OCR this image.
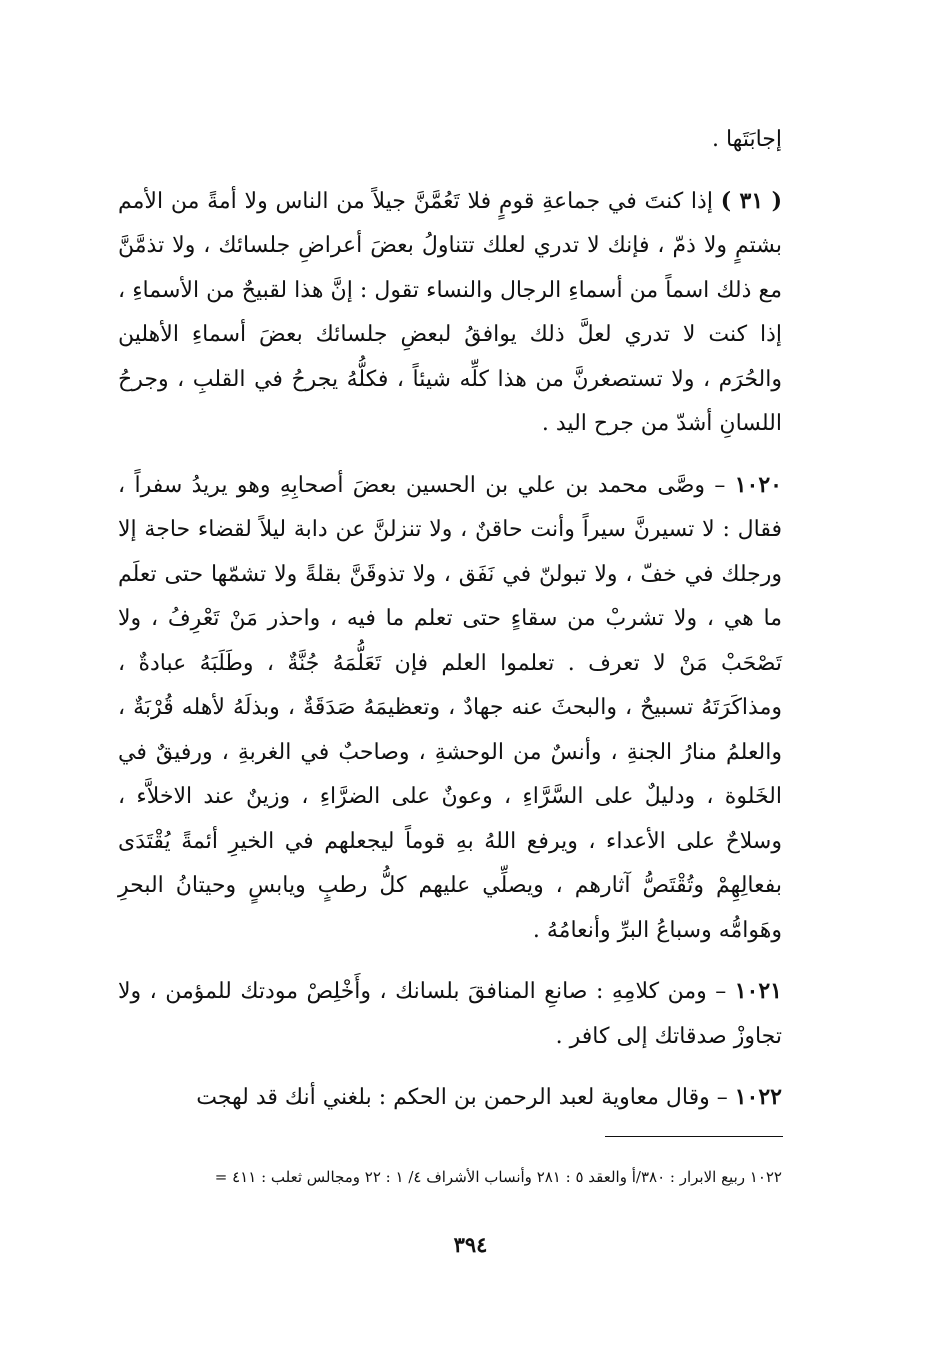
إجابَتَها .

( ٣١ ) إذا كنتَ في جماعةِ قومٍ فلا تَعُمَّنَّ جيلاً من الناس ولا أمةً من الأمم بشتمٍ ولا ذمّ ، فإنك لا تدري لعلك تتناولُ بعضَ أعراضِ جلسائك ، ولا تذمَّنَّ مع ذلك اسماً من أسماءِ الرجال والنساء تقول : إنَّ هذا لقبيحٌ من الأسماءِ ، إذا كنت لا تدري لعلَّ ذلك يوافقُ لبعضِ جلسائك بعضَ أسماءِ الأهلين والحُرَم ، ولا تستصغرنَّ من هذا كلِّه شيئاً ، فكلُّهُ يجرحُ في القلبِ ، وجرحُ اللسانِ أشدّ من جرح اليد .

١٠٢٠ – وصَّى محمد بن علي بن الحسين بعضَ أصحابِهِ وهو يريدُ سفراً ، فقال : لا تسيرنَّ سيراً وأنت حاقنٌ ، ولا تنزلنَّ عن دابة ليلاً لقضاء حاجة إلا ورجلك في خفّ ، ولا تبولنّ في نَفَق ، ولا تذوقَنَّ بقلةً ولا تشمّها حتى تعلَم ما هي ، ولا تشربْ من سقاءٍ حتى تعلم ما فيه ، واحذر مَنْ تَعْرِفُ ، ولا تَصْحَبْ مَنْ لا تعرف . تعلموا العلم فإن تَعَلُّمَهُ جُنَّةٌ ، وطَلَبَهُ عبادةٌ ، ومذاكَرَتَهُ تسبيحٌ ، والبحثَ عنه جهادٌ ، وتعظيمَهُ صَدَقَةٌ ، وبذلَهُ لأهله قُرْبَةٌ ، والعلمُ منارُ الجنةِ ، وأنسٌ من الوحشةِ ، وصاحبٌ في الغربةِ ، ورفيقٌ في الخَلوة ، ودليلٌ على السَّرَّاءِ ، وعونٌ على الضرَّاءِ ، وزينٌ عند الاخلاَّء ، وسلاحٌ على الأعداء ، ويرفع اللهُ بهِ قوماً ليجعلهم في الخيرِ أئمةً يُقْتَدَى بفعالِهِمْ وتُقْتَصُّ آثارهم ، ويصلِّي عليهم كلُّ رطبٍ ويابسٍ وحيتانُ البحرِ وهَوامُّه وسباعُ البرِّ وأنعامُهُ .

١٠٢١ – ومن كلامِهِ : صانعِ المنافقَ بلسانك ، وأَخْلِصْ مودتك للمؤمن ، ولا تجاوزْ صدقاتك إلى كافر .

١٠٢٢ – وقال معاوية لعبد الرحمن بن الحكم : بلغني أنك قد لهجت

١٠٢٢ ربيع الابرار : ٣٨٠/أ والعقد ٥ : ٢٨١ وأنساب الأشراف ٤/ ١ : ٢٢ ومجالس ثعلب : ٤١١ =
٣٩٤
